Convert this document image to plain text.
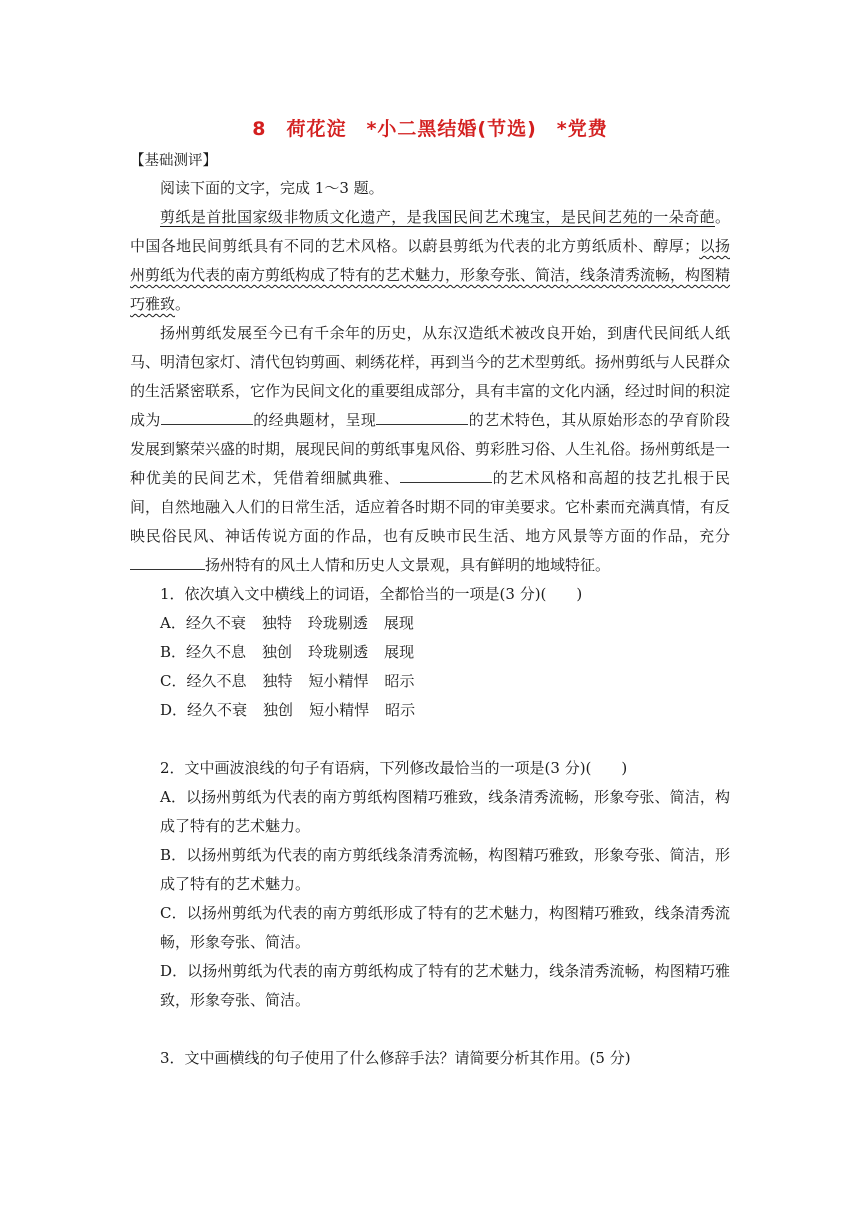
8　荷花淀　*小二黑结婚(节选)　*党费
【基础测评】

阅读下面的文字，完成 1～3 题。

剪纸是首批国家级非物质文化遗产，是我国民间艺术瑰宝，是民间艺苑的一朵奇葩。中国各地民间剪纸具有不同的艺术风格。以蔚县剪纸为代表的北方剪纸质朴、醇厚；以扬州剪纸为代表的南方剪纸构成了特有的艺术魅力，形象夸张、简洁，线条清秀流畅，构图精巧雅致。

扬州剪纸发展至今已有千余年的历史，从东汉造纸术被改良开始，到唐代民间纸人纸马、明清包家灯、清代包钧剪画、刺绣花样，再到当今的艺术型剪纸。扬州剪纸与人民群众的生活紧密联系，它作为民间文化的重要组成部分，具有丰富的文化内涵，经过时间的积淀成为	的经典题材，呈现	的艺术特色，其从原始形态的孕育阶段发展到繁荣兴盛的时期，展现民间的剪纸事鬼风俗、剪彩胜习俗、人生礼俗。扬州剪纸是一种优美的民间艺术，凭借着细腻典雅、	的艺术风格和高超的技艺扎根于民间，自然地融入人们的日常生活，适应着各时期不同的审美要求。它朴素而充满真情，有反映民俗民风、神话传说方面的作品，也有反映市民生活、地方风景等方面的作品，充分扬州特有的风土人情和历史人文景观，具有鲜明的地域特征。

1．依次填入文中横线上的词语，全都恰当的一项是(3 分)(　　)

A．经久不衰 独特 玲珑剔透 展现

B．经久不息 独创 玲珑剔透 展现

C．经久不息 独特 短小精悍 昭示

D．经久不衰 独创 短小精悍 昭示

2．文中画波浪线的句子有语病，下列修改最恰当的一项是(3 分)(　　)

A．以扬州剪纸为代表的南方剪纸构图精巧雅致，线条清秀流畅，形象夸张、简洁，构成了特有的艺术魅力。

B．以扬州剪纸为代表的南方剪纸线条清秀流畅，构图精巧雅致，形象夸张、简洁，形成了特有的艺术魅力。

C．以扬州剪纸为代表的南方剪纸形成了特有的艺术魅力，构图精巧雅致，线条清秀流畅，形象夸张、简洁。

D．以扬州剪纸为代表的南方剪纸构成了特有的艺术魅力，线条清秀流畅，构图精巧雅致，形象夸张、简洁。

3．文中画横线的句子使用了什么修辞手法？请简要分析其作用。(5 分)
